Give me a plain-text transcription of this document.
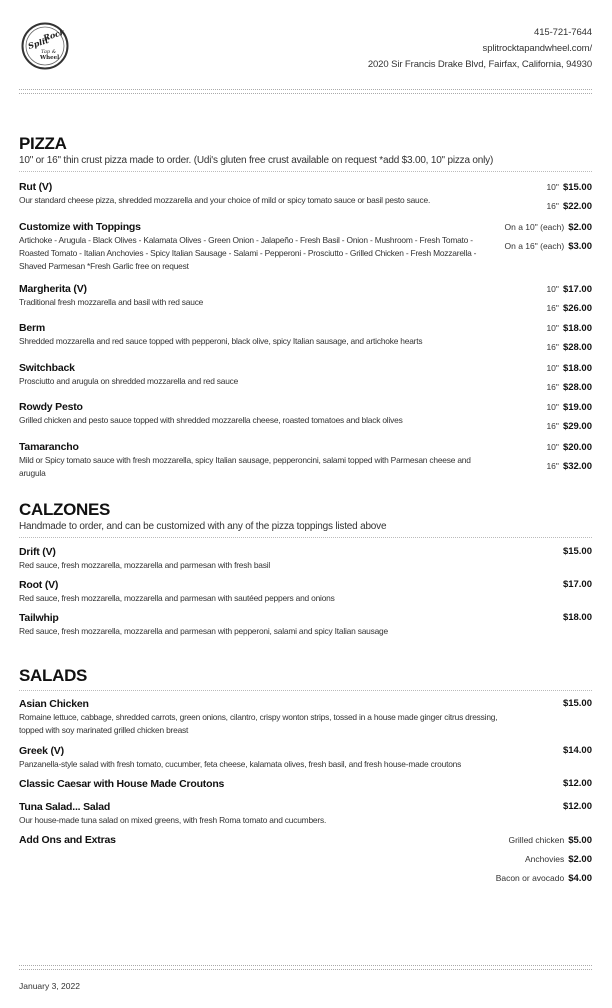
Split
Rock
Tap &
Wheel
415-721-7644
splitrocktapandwheel.com/
2020 Sir Francis Drake Blvd, Fairfax, California, 94930
PIZZA
10" or 16" thin crust pizza made to order. (Udi's gluten free crust available on request *add $3.00, 10" pizza only)
Rut (V)
Our standard cheese pizza, shredded mozzarella and your choice of mild or spicy tomato sauce or basil pesto sauce.
10" $15.00
16" $22.00
Customize with Toppings
Artichoke - Arugula - Black Olives - Kalamata Olives - Green Onion - Jalapeño - Fresh Basil - Onion - Mushroom - Fresh Tomato - Roasted Tomato - Italian Anchovies - Spicy Italian Sausage - Salami - Pepperoni - Prosciutto - Grilled Chicken - Fresh Mozzarella - Shaved Parmesan *Fresh Garlic free on request
On a 10" (each) $2.00
On a 16" (each) $3.00
Margherita (V)
Traditional fresh mozzarella and basil with red sauce
10" $17.00
16" $26.00
Berm
Shredded mozzarella and red sauce topped with pepperoni, black olive, spicy Italian sausage, and artichoke hearts
10" $18.00
16" $28.00
Switchback
Prosciutto and arugula on shredded mozzarella and red sauce
10" $18.00
16" $28.00
Rowdy Pesto
Grilled chicken and pesto sauce topped with shredded mozzarella cheese, roasted tomatoes and black olives
10" $19.00
16" $29.00
Tamarancho
Mild or Spicy tomato sauce with fresh mozzarella, spicy Italian sausage, pepperoncini, salami topped with Parmesan cheese and arugula
10" $20.00
16" $32.00
CALZONES
Handmade to order, and can be customized with any of the pizza toppings listed above
Drift (V)
Red sauce, fresh mozzarella, mozzarella and parmesan with fresh basil
$15.00
Root (V)
Red sauce, fresh mozzarella, mozzarella and parmesan with sautéed peppers and onions
$17.00
Tailwhip
Red sauce, fresh mozzarella, mozzarella and parmesan with pepperoni, salami and spicy Italian sausage
$18.00
SALADS
Asian Chicken
Romaine lettuce, cabbage, shredded carrots, green onions, cilantro, crispy wonton strips, tossed in a house made ginger citrus dressing, topped with soy marinated grilled chicken breast
$15.00
Greek (V)
Panzanella-style salad with fresh tomato, cucumber, feta cheese, kalamata olives, fresh basil, and fresh house-made croutons
$14.00
Classic Caesar with House Made Croutons	$12.00
Tuna Salad... Salad
Our house-made tuna salad on mixed greens, with fresh Roma tomato and cucumbers.
$12.00
Add Ons and Extras	Grilled chicken $5.00
Anchovies $2.00
Bacon or avocado $4.00
January 3, 2022
